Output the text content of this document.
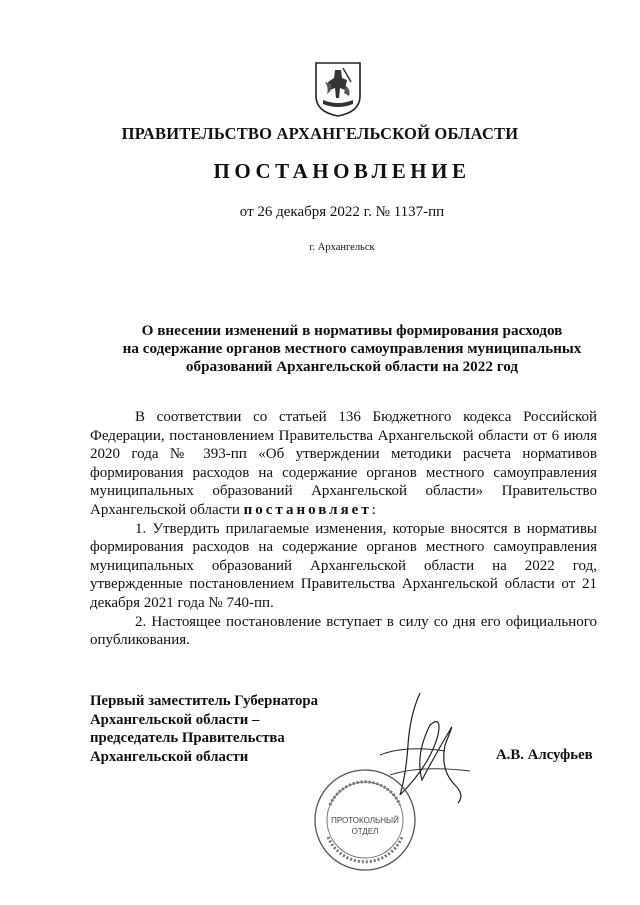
ПРАВИТЕЛЬСТВО АРХАНГЕЛЬСКОЙ ОБЛАСТИ
ПОСТАНОВЛЕНИЕ
от 26 декабря 2022 г. № 1137-пп
г. Архангельск
О внесении изменений в нормативы формирования расходов
на содержание органов местного самоуправления муниципальных
образований Архангельской области на 2022 год

В соответствии со статьей 136 Бюджетного кодекса Российской Федерации, постановлением Правительства Архангельской области от 6 июля 2020 года № 393-пп «Об утверждении методики расчета нормативов формирования расходов на содержание органов местного самоуправления муниципальных образований Архангельской области» Правительство Архангельской области постановляет:

1. Утвердить прилагаемые изменения, которые вносятся в нормативы формирования расходов на содержание органов местного самоуправления муниципальных образований Архангельской области на 2022 год, утвержденные постановлением Правительства Архангельской области от 21 декабря 2021 года № 740-пп.

2. Настоящее постановление вступает в силу со дня его официального опубликования.

Первый заместитель Губернатора
Архангельской области –
председатель Правительства
Архангельской области	А.В. Алсуфьев
ПРОТОКОЛЬНЫЙ
ОТДЕЛ
